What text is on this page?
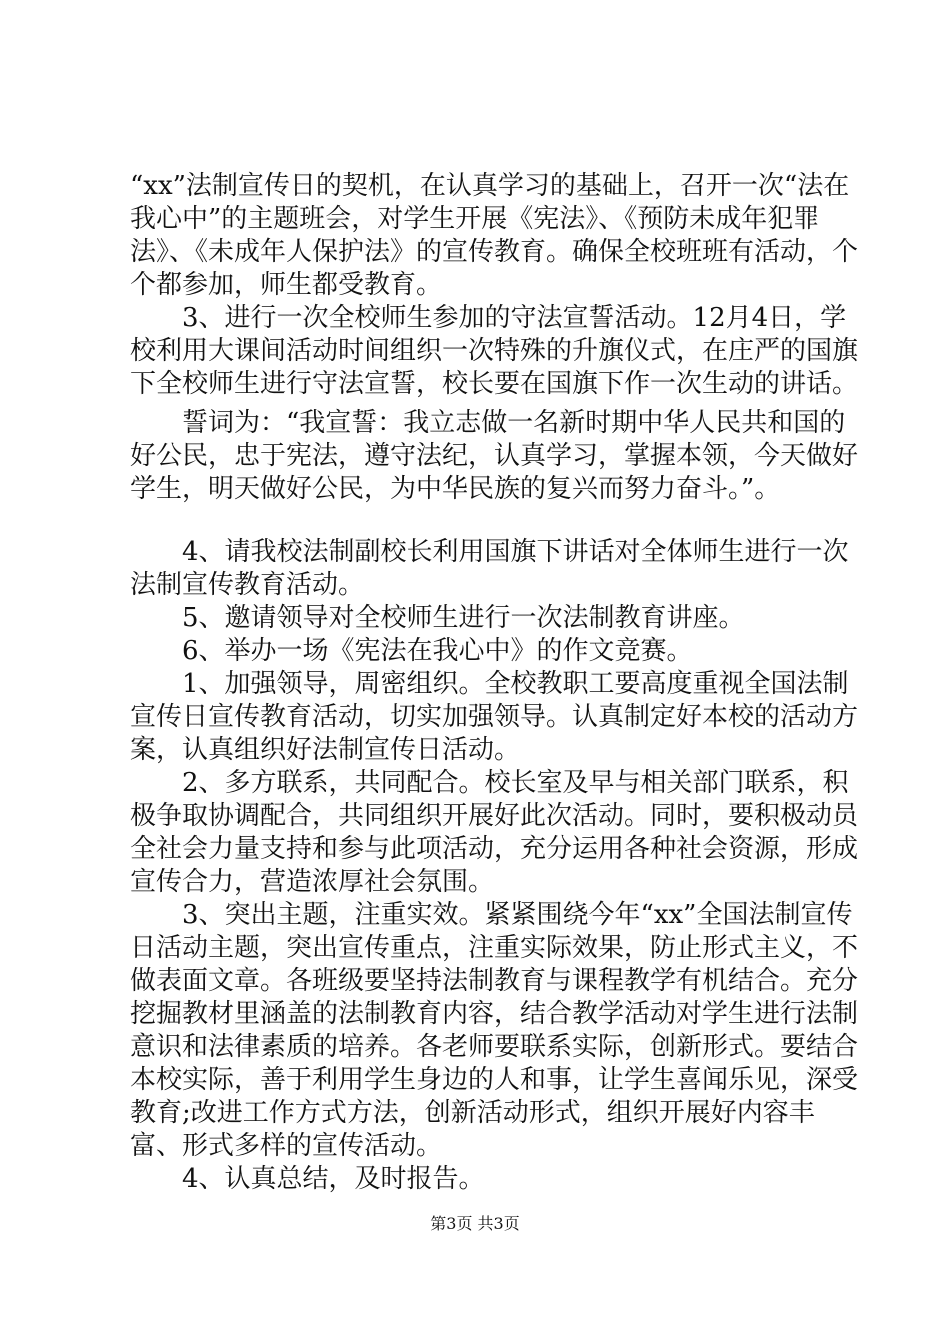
“xx”法制宣传日的契机，在认真学习的基础上，召开一次“法在我心中”的主题班会，对学生开展《宪法》、《预防未成年犯罪法》、《未成年人保护法》的宣传教育。确保全校班班有活动，个个都参加，师生都受教育。

3、进行一次全校师生参加的守法宣誓活动。12月4日，学校利用大课间活动时间组织一次特殊的升旗仪式，在庄严的国旗下全校师生进行守法宣誓，校长要在国旗下作一次生动的讲话。

誓词为：“我宣誓：我立志做一名新时期中华人民共和国的好公民，忠于宪法，遵守法纪，认真学习，掌握本领，今天做好学生，明天做好公民，为中华民族的复兴而努力奋斗。”。

4、请我校法制副校长利用国旗下讲话对全体师生进行一次法制宣传教育活动。

5、邀请领导对全校师生进行一次法制教育讲座。

6、举办一场《宪法在我心中》的作文竞赛。

1、加强领导，周密组织。全校教职工要高度重视全国法制宣传日宣传教育活动，切实加强领导。认真制定好本校的活动方案，认真组织好法制宣传日活动。

2、多方联系，共同配合。校长室及早与相关部门联系，积极争取协调配合，共同组织开展好此次活动。同时，要积极动员全社会力量支持和参与此项活动，充分运用各种社会资源，形成宣传合力，营造浓厚社会氛围。

3、突出主题，注重实效。紧紧围绕今年“xx”全国法制宣传日活动主题，突出宣传重点，注重实际效果，防止形式主义，不做表面文章。各班级要坚持法制教育与课程教学有机结合。充分挖掘教材里涵盖的法制教育内容，结合教学活动对学生进行法制意识和法律素质的培养。各老师要联系实际，创新形式。要结合本校实际，善于利用学生身边的人和事，让学生喜闻乐见，深受教育;改进工作方式方法，创新活动形式，组织开展好内容丰富、形式多样的宣传活动。

4、认真总结，及时报告。

第3页 共3页
